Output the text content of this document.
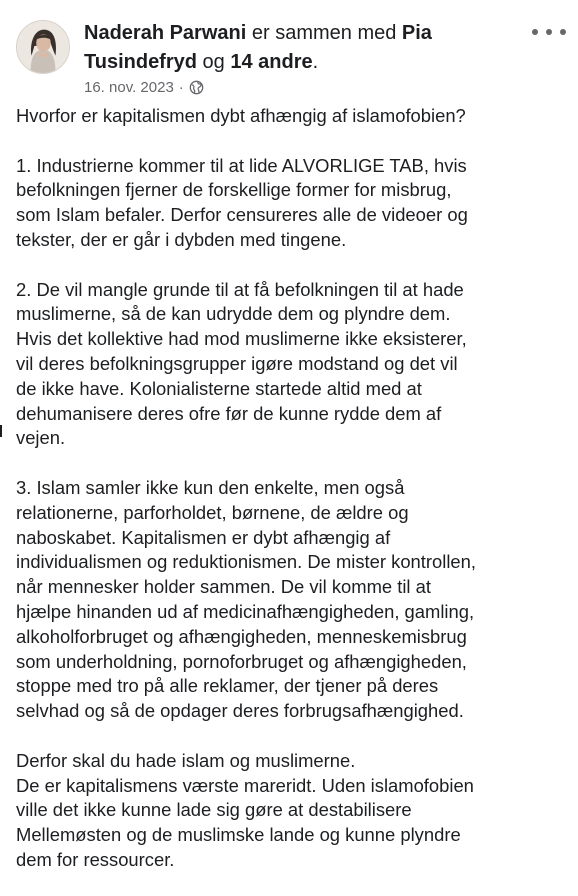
Naderah Parwani er sammen med Pia Tusindefryd og 14 andre.
16. nov. 2023 ·

Hvorfor er kapitalismen dybt afhængig af islamofobien?

1. Industrierne kommer til at lide ALVORLIGE TAB, hvis
befolkningen fjerner de forskellige former for misbrug,
som Islam befaler. Derfor censureres alle de videoer og
tekster, der er går i dybden med tingene.

2. De vil mangle grunde til at få befolkningen til at hade
muslimerne, så de kan udrydde dem og plyndre dem.
Hvis det kollektive had mod muslimerne ikke eksisterer,
vil deres befolkningsgrupper igøre modstand og det vil
de ikke have. Kolonialisterne startede altid med at
dehumanisere deres ofre før de kunne rydde dem af
vejen.

3. Islam samler ikke kun den enkelte, men også
relationerne, parforholdet, børnene, de ældre og
naboskabet. Kapitalismen er dybt afhængig af
individualismen og reduktionismen. De mister kontrollen,
når mennesker holder sammen. De vil komme til at
hjælpe hinanden ud af medicinafhængigheden, gamling,
alkoholforbruget og afhængigheden, menneskemisbrug
som underholdning, pornoforbruget og afhængigheden,
stoppe med tro på alle reklamer, der tjener på deres
selvhad og så de opdager deres forbrugsafhængighed.

Derfor skal du hade islam og muslimerne.
De er kapitalismens værste mareridt. Uden islamofobien
ville det ikke kunne lade sig gøre at destabilisere
Mellemøsten og de muslimske lande og kunne plyndre
dem for ressourcer.
